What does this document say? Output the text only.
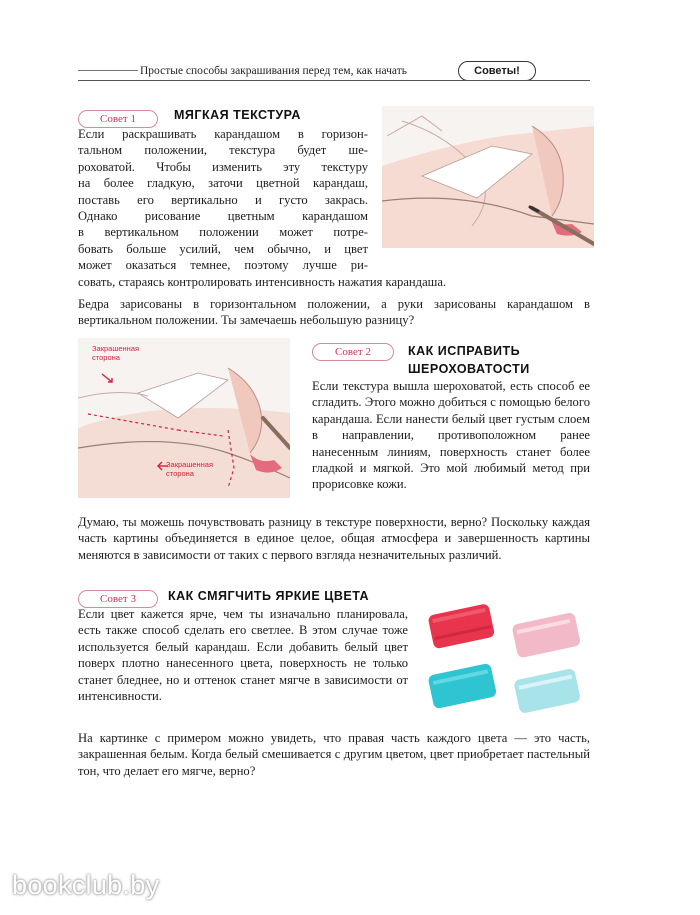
Простые способы закрашивания перед тем, как начать	Советы!
Совет 1	МЯГКАЯ ТЕКСТУРА
Если раскрашивать карандашом в горизон-
тальном положении, текстура будет ше-
роховатой. Чтобы изменить эту текстуру
на более гладкую, заточи цветной карандаш,
поставь его вертикально и густо закрась.
Однако рисование цветным карандашом
в вертикальном положении может потре-
бовать больше усилий, чем обычно, и цвет
может оказаться темнее, поэтому лучше ри-
совать, стараясь контролировать интенсивность нажатия карандаша.
Бедра зарисованы в горизонтальном положении, а руки зарисованы карандашом в вертикальном положении. Ты замечаешь небольшую разницу?
Закрашенная сторона
Закрашенная сторона
Совет 2	КАК ИСПРАВИТЬ
ШЕРОХОВАТОСТИ
Если текстура вышла шероховатой, есть способ ее сгладить. Этого можно добиться с помощью белого карандаша. Если нанести белый цвет густым слоем в направлении, противоположном ранее нанесенным линиям, поверхность станет более гладкой и мягкой. Это мой любимый метод при прорисовке кожи.
Думаю, ты можешь почувствовать разницу в текстуре поверхности, верно? Поскольку каждая часть картины объединяется в единое целое, общая атмосфера и завершенность картины меняются в зависимости от таких с первого взгляда незначительных различий.
Совет 3	КАК СМЯГЧИТЬ ЯРКИЕ ЦВЕТА
Если цвет кажется ярче, чем ты изначально планировала, есть также способ сделать его светлее. В этом случае тоже используется белый карандаш. Если добавить белый цвет поверх плотно нанесенного цвета, поверхность не только станет бледнее, но и оттенок станет мягче в зависимости от интенсивности.
На картинке с примером можно увидеть, что правая часть каждого цвета — это часть, закрашенная белым. Когда белый смешивается с другим цветом, цвет приобретает пастельный тон, что делает его мягче, верно?
bookclub.by
